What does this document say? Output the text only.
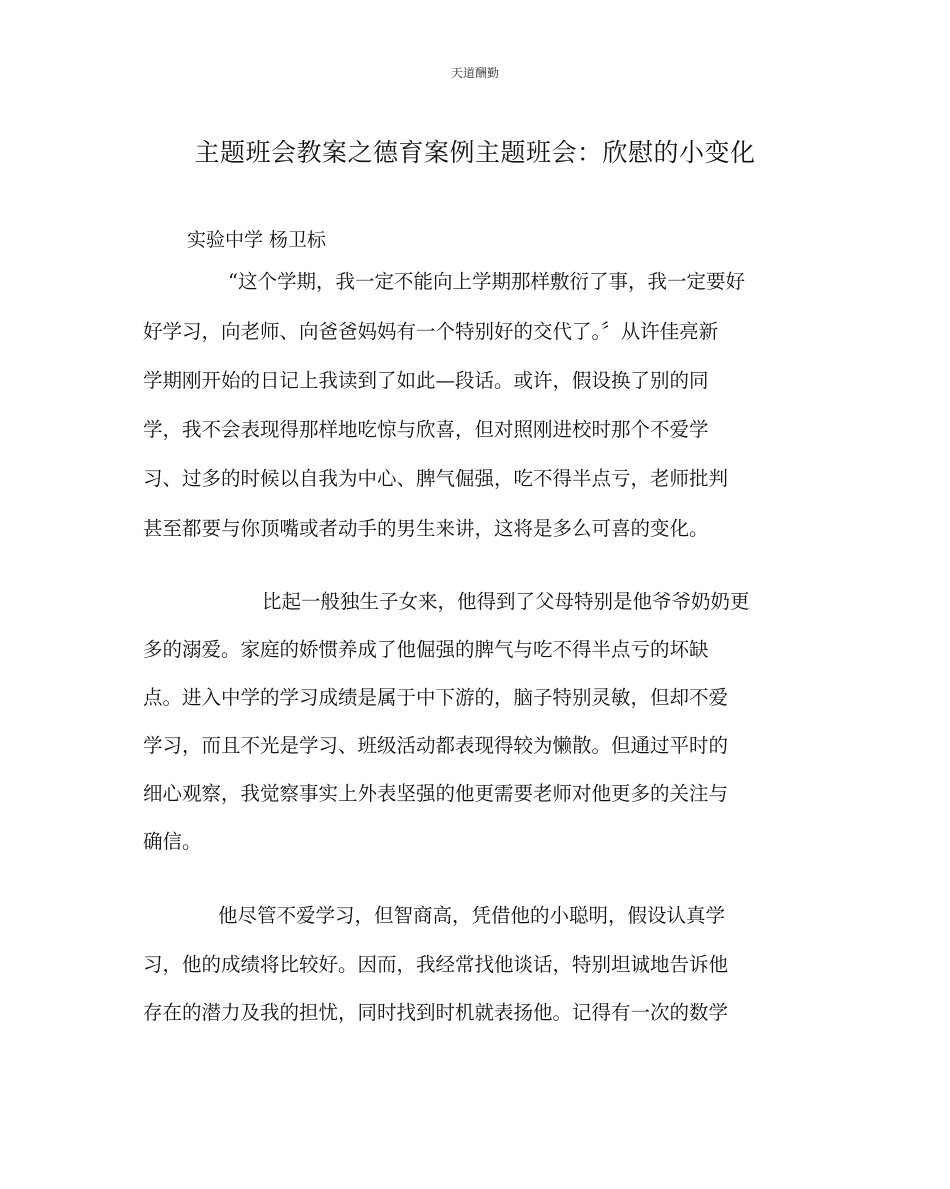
天道酬勤
主题班会教案之德育案例主题班会：欣慰的小变化
实验中学 杨卫标
“这个学期，我一定不能向上学期那样敷衍了事，我一定要好
好学习，向老师、向爸爸妈妈有一个特别好的交代了。〞从许佳亮新
学期刚开始的日记上我读到了如此—段话。或许，假设换了别的同
学，我不会表现得那样地吃惊与欣喜，但对照刚进校时那个不爱学
习、过多的时候以自我为中心、脾气倔强，吃不得半点亏，老师批判
甚至都要与你顶嘴或者动手的男生来讲，这将是多么可喜的变化。
比起一般独生子女来，他得到了父母特别是他爷爷奶奶更
多的溺爱。家庭的娇惯养成了他倔强的脾气与吃不得半点亏的坏缺
点。进入中学的学习成绩是属于中下游的，脑子特别灵敏，但却不爱
学习，而且不光是学习、班级活动都表现得较为懒散。但通过平时的
细心观察，我觉察事实上外表坚强的他更需要老师对他更多的关注与
确信。
他尽管不爱学习，但智商高，凭借他的小聪明，假设认真学
习，他的成绩将比较好。因而，我经常找他谈话，特别坦诚地告诉他
存在的潜力及我的担忧，同时找到时机就表扬他。记得有一次的数学
